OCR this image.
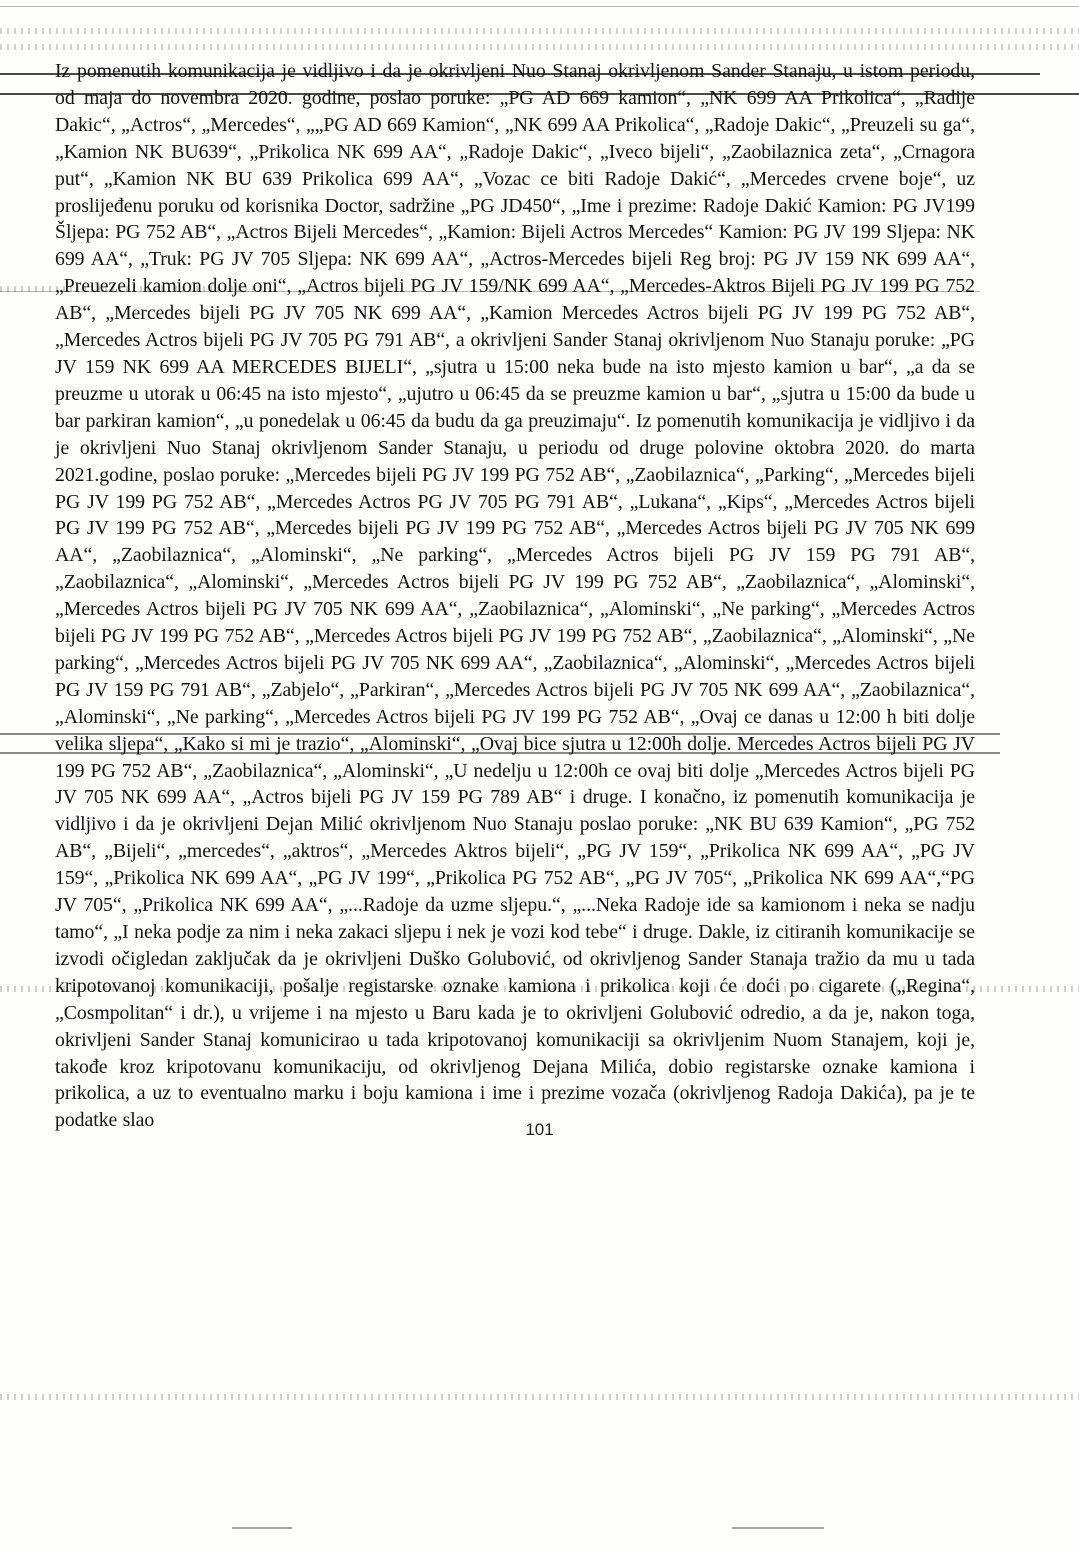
Iz pomenutih komunikacija je vidljivo i da je okrivljeni Nuo Stanaj okrivljenom Sander Stanaju, u istom periodu, od maja do novembra 2020. godine, poslao poruke: „PG AD 669 kamion“, „NK 699 AA Prikolica“, „Radije Dakic“, „Actros“, „Mercedes“, „„PG AD 669 Kamion“, „NK 699 AA Prikolica“, „Radoje Dakic“, „Preuzeli su ga“, „Kamion NK BU639“, „Prikolica NK 699 AA“, „Radoje Dakic“, „Iveco bijeli“, „Zaobilaznica zeta“, „Crnagora put“, „Kamion NK BU 639 Prikolica 699 AA“, „Vozac ce biti Radoje Dakić“, „Mercedes crvene boje“, uz proslijeđenu poruku od korisnika Doctor, sadržine „PG JD450“, „Ime i prezime: Radoje Dakić Kamion: PG JV199 Šljepa: PG 752 AB“, „Actros Bijeli Mercedes“, „Kamion: Bijeli Actros Mercedes“ Kamion: PG JV 199 Sljepa: NK 699 AA“, „Truk: PG JV 705 Sljepa: NK 699 AA“, „Actros-Mercedes bijeli Reg broj: PG JV 159 NK 699 AA“, „Preuezeli kamion dolje oni“, „Actros bijeli PG JV 159/NK 699 AA“, „Mercedes-Aktros Bijeli PG JV 199 PG 752 AB“, „Mercedes bijeli PG JV 705 NK 699 AA“, „Kamion Mercedes Actros bijeli PG JV 199 PG 752 AB“, „Mercedes Actros bijeli PG JV 705 PG 791 AB“, a okrivljeni Sander Stanaj okrivljenom Nuo Stanaju poruke: „PG JV 159 NK 699 AA MERCEDES BIJELI“, „sjutra u 15:00 neka bude na isto mjesto kamion u bar“, „a da se preuzme u utorak u 06:45 na isto mjesto“, „ujutro u 06:45 da se preuzme kamion u bar“, „sjutra u 15:00 da bude u bar parkiran kamion“, „u ponedelak u 06:45 da budu da ga preuzimaju“. Iz pomenutih komunikacija je vidljivo i da je okrivljeni Nuo Stanaj okrivljenom Sander Stanaju, u periodu od druge polovine oktobra 2020. do marta 2021.godine, poslao poruke: „Mercedes bijeli PG JV 199 PG 752 AB“, „Zaobilaznica“, „Parking“, „Mercedes bijeli PG JV 199 PG 752 AB“, „Mercedes Actros PG JV 705 PG 791 AB“, „Lukana“, „Kips“, „Mercedes Actros bijeli PG JV 199 PG 752 AB“, „Mercedes bijeli PG JV 199 PG 752 AB“, „Mercedes Actros bijeli PG JV 705 NK 699 AA“, „Zaobilaznica“, „Alominski“, „Ne parking“, „Mercedes Actros bijeli PG JV 159 PG 791 AB“, „Zaobilaznica“, „Alominski“, „Mercedes Actros bijeli PG JV 199 PG 752 AB“, „Zaobilaznica“, „Alominski“, „Mercedes Actros bijeli PG JV 705 NK 699 AA“, „Zaobilaznica“, „Alominski“, „Ne parking“, „Mercedes Actros bijeli PG JV 199 PG 752 AB“, „Mercedes Actros bijeli PG JV 199 PG 752 AB“, „Zaobilaznica“, „Alominski“, „Ne parking“, „Mercedes Actros bijeli PG JV 705 NK 699 AA“, „Zaobilaznica“, „Alominski“, „Mercedes Actros bijeli PG JV 159 PG 791 AB“, „Zabjelo“, „Parkiran“, „Mercedes Actros bijeli PG JV 705 NK 699 AA“, „Zaobilaznica“, „Alominski“, „Ne parking“, „Mercedes Actros bijeli PG JV 199 PG 752 AB“, „Ovaj ce danas u 12:00 h biti dolje velika sljepa“, „Kako si mi je trazio“, „Alominski“, „Ovaj bice sjutra u 12:00h dolje. Mercedes Actros bijeli PG JV 199 PG 752 AB“, „Zaobilaznica“, „Alominski“, „U nedelju u 12:00h ce ovaj biti dolje „Mercedes Actros bijeli PG JV 705 NK 699 AA“, „Actros bijeli PG JV 159 PG 789 AB“ i druge. I konačno, iz pomenutih komunikacija je vidljivo i da je okrivljeni Dejan Milić okrivljenom Nuo Stanaju poslao poruke: „NK BU 639 Kamion“, „PG 752 AB“, „Bijeli“, „mercedes“, „aktros“, „Mercedes Aktros bijeli“, „PG JV 159“, „Prikolica NK 699 AA“, „PG JV 159“, „Prikolica NK 699 AA“, „PG JV 199“, „Prikolica PG 752 AB“, „PG JV 705“, „Prikolica NK 699 AA“,“PG JV 705“, „Prikolica NK 699 AA“, „...Radoje da uzme sljepu.“, „...Neka Radoje ide sa kamionom i neka se nadju tamo“, „I neka podje za nim i neka zakaci sljepu i nek je vozi kod tebe“ i druge. Dakle, iz citiranih komunikacije se izvodi očigledan zaključak da je okrivljeni Duško Golubović, od okrivljenog Sander Stanaja tražio da mu u tada kripotovanoj komunikaciji, pošalje registarske oznake kamiona i prikolica koji će doći po cigarete („Regina“, „Cosmpolitan“ i dr.), u vrijeme i na mjesto u Baru kada je to okrivljeni Golubović odredio, a da je, nakon toga, okrivljeni Sander Stanaj komunicirao u tada kripotovanoj komunikaciji sa okrivljenim Nuom Stanajem, koji je, takođe kroz kripotovanu komunikaciju, od okrivljenog Dejana Milića, dobio registarske oznake kamiona i prikolica, a uz to eventualno marku i boju kamiona i ime i prezime vozača (okrivljenog Radoja Dakića), pa je te podatke slao	101
